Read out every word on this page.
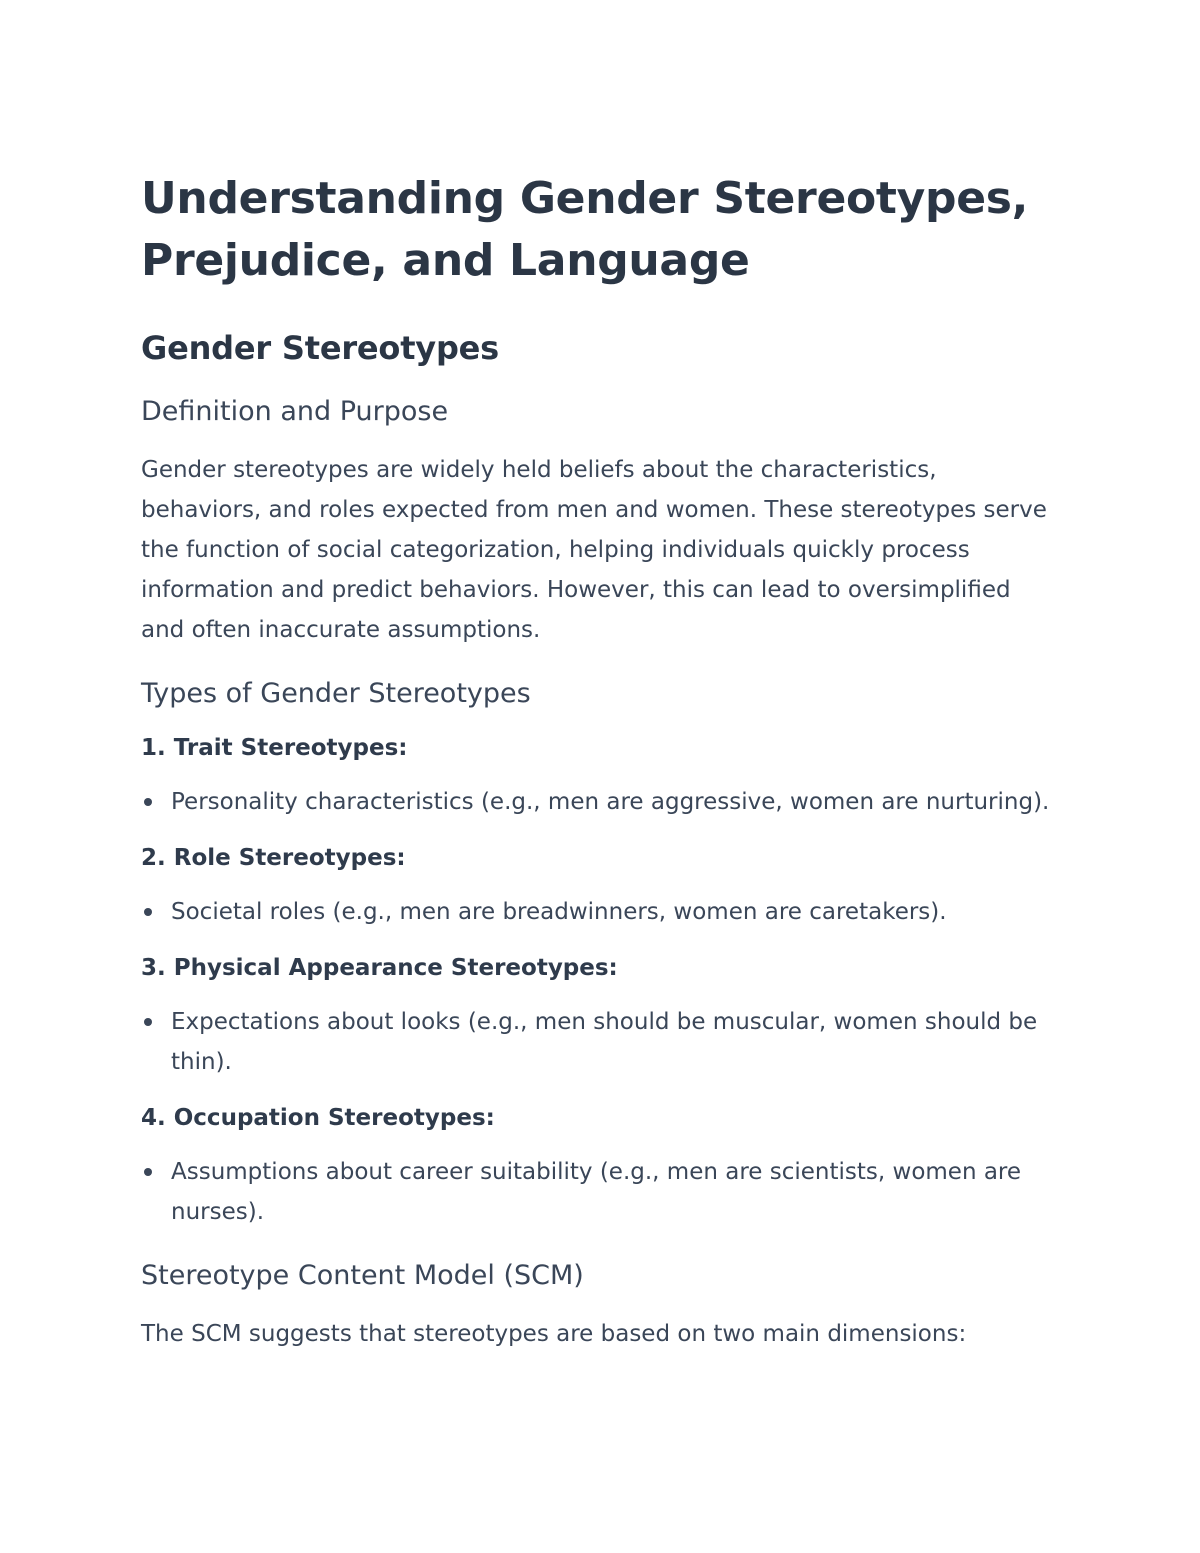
Understanding Gender Stereotypes, Prejudice, and Language
Gender Stereotypes
Definition and Purpose

Gender stereotypes are widely held beliefs about the characteristics, behaviors, and roles expected from men and women. These stereotypes serve the function of social categorization, helping individuals quickly process information and predict behaviors. However, this can lead to oversimplified and often inaccurate assumptions.

Types of Gender Stereotypes
1. Trait Stereotypes:
Personality characteristics (e.g., men are aggressive, women are nurturing).
2. Role Stereotypes:
Societal roles (e.g., men are breadwinners, women are caretakers).
3. Physical Appearance Stereotypes:
Expectations about looks (e.g., men should be muscular, women should be thin).
4. Occupation Stereotypes:
Assumptions about career suitability (e.g., men are scientists, women are nurses).
Stereotype Content Model (SCM)

The SCM suggests that stereotypes are based on two main dimensions:
